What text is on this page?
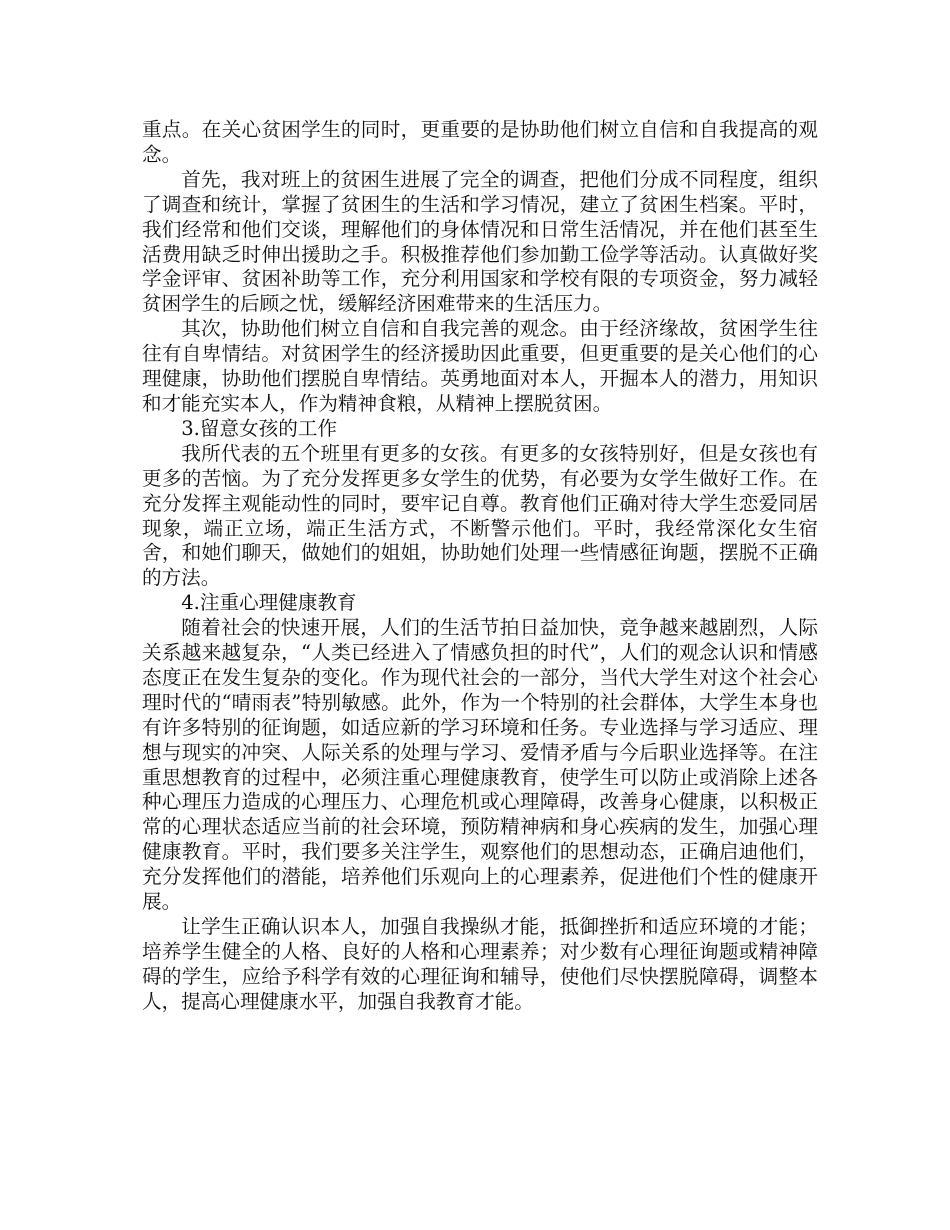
重点。在关心贫困学生的同时，更重要的是协助他们树立自信和自我提高的观念。

首先，我对班上的贫困生进展了完全的调查，把他们分成不同程度，组织了调查和统计，掌握了贫困生的生活和学习情况，建立了贫困生档案。平时，我们经常和他们交谈，理解他们的身体情况和日常生活情况，并在他们甚至生活费用缺乏时伸出援助之手。积极推荐他们参加勤工俭学等活动。认真做好奖学金评审、贫困补助等工作，充分利用国家和学校有限的专项资金，努力减轻贫困学生的后顾之忧，缓解经济困难带来的生活压力。

其次，协助他们树立自信和自我完善的观念。由于经济缘故，贫困学生往往有自卑情结。对贫困学生的经济援助因此重要，但更重要的是关心他们的心理健康，协助他们摆脱自卑情结。英勇地面对本人，开掘本人的潜力，用知识和才能充实本人，作为精神食粮，从精神上摆脱贫困。

3.留意女孩的工作

我所代表的五个班里有更多的女孩。有更多的女孩特别好，但是女孩也有更多的苦恼。为了充分发挥更多女学生的优势，有必要为女学生做好工作。在充分发挥主观能动性的同时，要牢记自尊。教育他们正确对待大学生恋爱同居现象，端正立场，端正生活方式，不断警示他们。平时，我经常深化女生宿舍，和她们聊天，做她们的姐姐，协助她们处理一些情感征询题，摆脱不正确的方法。

4.注重心理健康教育

随着社会的快速开展，人们的生活节拍日益加快，竞争越来越剧烈，人际关系越来越复杂，“人类已经进入了情感负担的时代”，人们的观念认识和情感态度正在发生复杂的变化。作为现代社会的一部分，当代大学生对这个社会心理时代的“晴雨表”特别敏感。此外，作为一个特别的社会群体，大学生本身也有许多特别的征询题，如适应新的学习环境和任务。专业选择与学习适应、理想与现实的冲突、人际关系的处理与学习、爱情矛盾与今后职业选择等。在注重思想教育的过程中，必须注重心理健康教育，使学生可以防止或消除上述各种心理压力造成的心理压力、心理危机或心理障碍，改善身心健康，以积极正常的心理状态适应当前的社会环境，预防精神病和身心疾病的发生，加强心理健康教育。平时，我们要多关注学生，观察他们的思想动态，正确启迪他们，充分发挥他们的潜能，培养他们乐观向上的心理素养，促进他们个性的健康开展。

让学生正确认识本人，加强自我操纵才能，抵御挫折和适应环境的才能；培养学生健全的人格、良好的人格和心理素养；对少数有心理征询题或精神障碍的学生，应给予科学有效的心理征询和辅导，使他们尽快摆脱障碍，调整本人，提高心理健康水平，加强自我教育才能。
